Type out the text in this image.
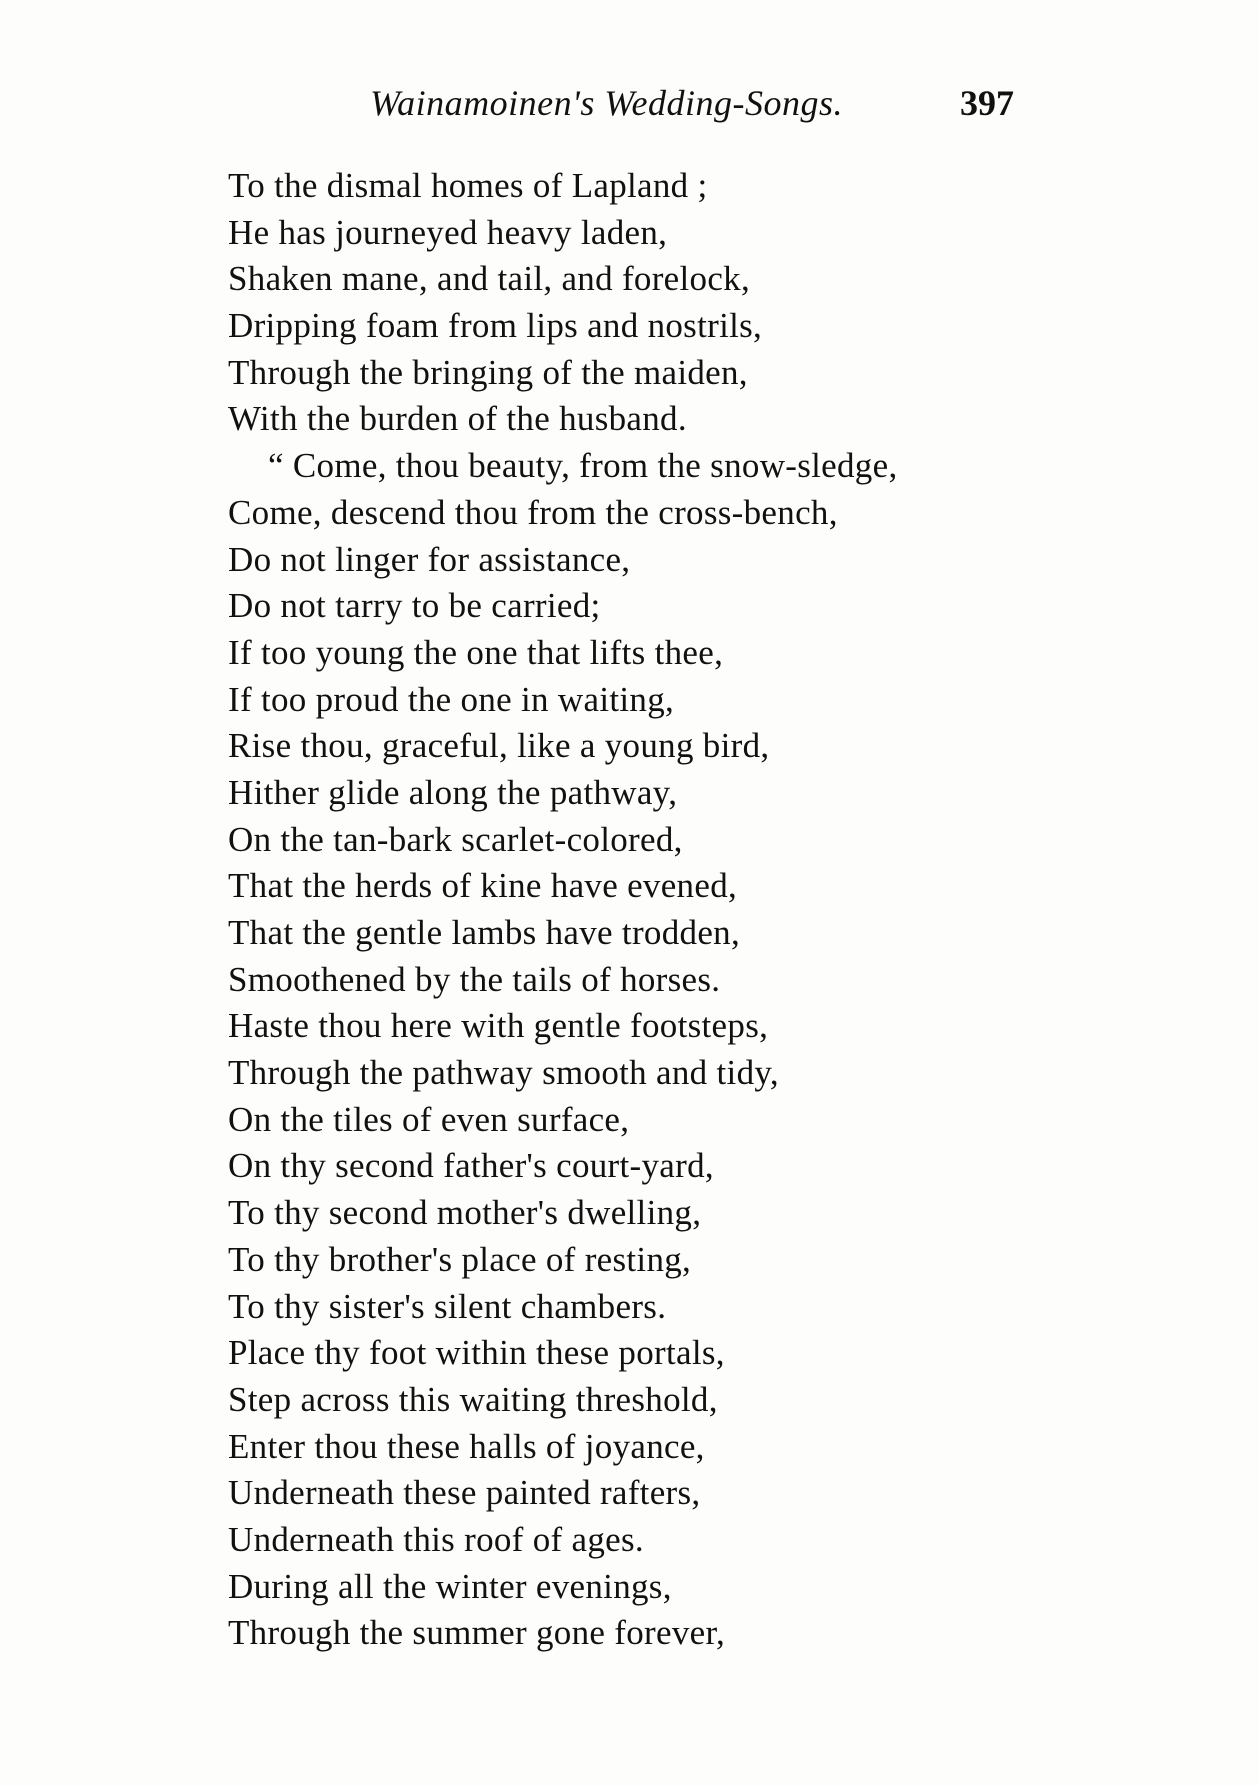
Wainamoinen's Wedding-Songs.	397
To the dismal homes of Lapland ;
He has journeyed heavy laden,
Shaken mane, and tail, and forelock,
Dripping foam from lips and nostrils,
Through the bringing of the maiden,
With the burden of the husband.
“ Come, thou beauty, from the snow-sledge,
Come, descend thou from the cross-bench,
Do not linger for assistance,
Do not tarry to be carried;
If too young the one that lifts thee,
If too proud the one in waiting,
Rise thou, graceful, like a young bird,
Hither glide along the pathway,
On the tan-bark scarlet-colored,
That the herds of kine have evened,
That the gentle lambs have trodden,
Smoothened by the tails of horses.
Haste thou here with gentle footsteps,
Through the pathway smooth and tidy,
On the tiles of even surface,
On thy second father's court-yard,
To thy second mother's dwelling,
To thy brother's place of resting,
To thy sister's silent chambers.
Place thy foot within these portals,
Step across this waiting threshold,
Enter thou these halls of joyance,
Underneath these painted rafters,
Underneath this roof of ages.
During all the winter evenings,
Through the summer gone forever,
